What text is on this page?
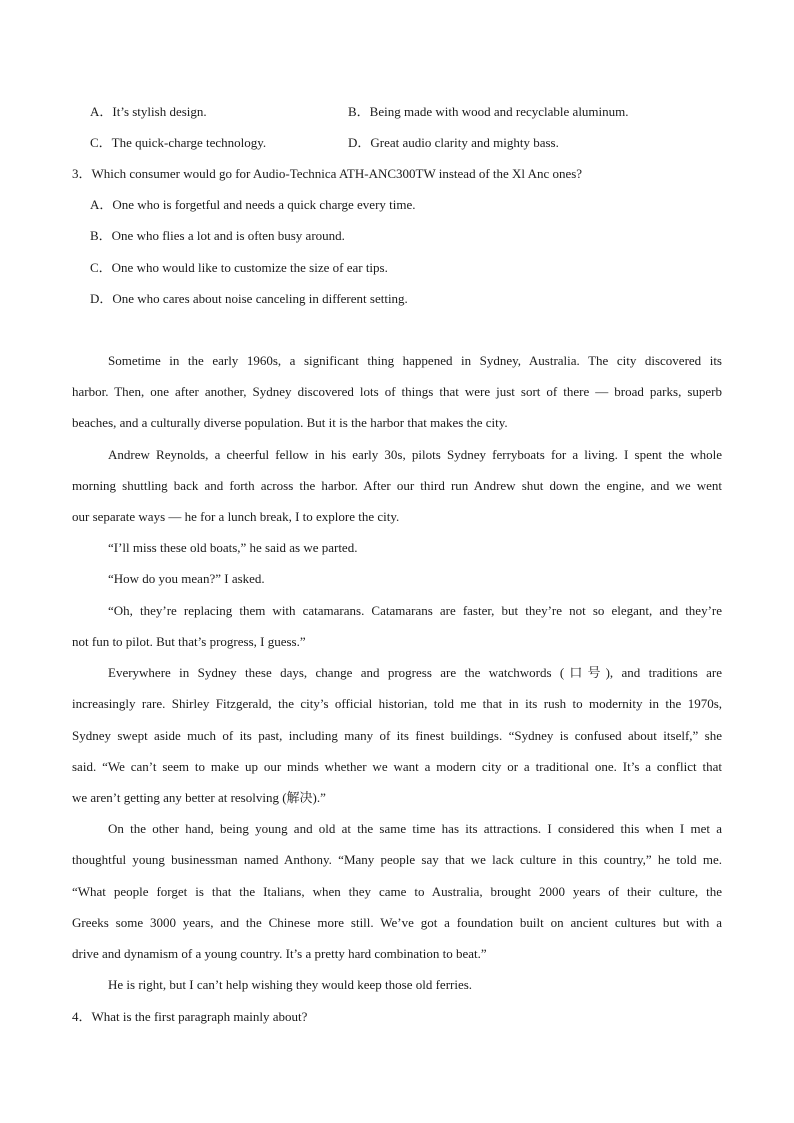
A．It’s stylish design.	B．Being made with wood and recyclable aluminum.
C．The quick-charge technology.	D．Great audio clarity and mighty bass.
3．Which consumer would go for Audio-Technica ATH-ANC300TW instead of the Xl Anc ones?
A．One who is forgetful and needs a quick charge every time.
B．One who flies a lot and is often busy around.
C．One who would like to customize the size of ear tips.
D．One who cares about noise canceling in different setting.
Sometime in the early 1960s, a significant thing happened in Sydney, Australia. The city discovered its
harbor. Then, one after another, Sydney discovered lots of things that were just sort of there — broad parks, superb
beaches, and a culturally diverse population. But it is the harbor that makes the city.
Andrew Reynolds, a cheerful fellow in his early 30s, pilots Sydney ferryboats for a living. I spent the whole
morning shuttling back and forth across the harbor. After our third run Andrew shut down the engine, and we went
our separate ways — he for a lunch break, I to explore the city.
“I’ll miss these old boats,” he said as we parted.
“How do you mean?” I asked.
“Oh, they’re replacing them with catamarans. Catamarans are faster, but they’re not so elegant, and they’re
not fun to pilot. But that’s progress, I guess.”
Everywhere in Sydney these days, change and progress are the watchwords (口号), and traditions are
increasingly rare. Shirley Fitzgerald, the city’s official historian, told me that in its rush to modernity in the 1970s,
Sydney swept aside much of its past, including many of its finest buildings. “Sydney is confused about itself,” she
said. “We can’t seem to make up our minds whether we want a modern city or a traditional one. It’s a conflict that
we aren’t getting any better at resolving (解决).”
On the other hand, being young and old at the same time has its attractions. I considered this when I met a
thoughtful young businessman named Anthony. “Many people say that we lack culture in this country,” he told me.
“What people forget is that the Italians, when they came to Australia, brought 2000 years of their culture, the
Greeks some 3000 years, and the Chinese more still. We’ve got a foundation built on ancient cultures but with a
drive and dynamism of a young country. It’s a pretty hard combination to beat.”
He is right, but I can’t help wishing they would keep those old ferries.
4．What is the first paragraph mainly about?
